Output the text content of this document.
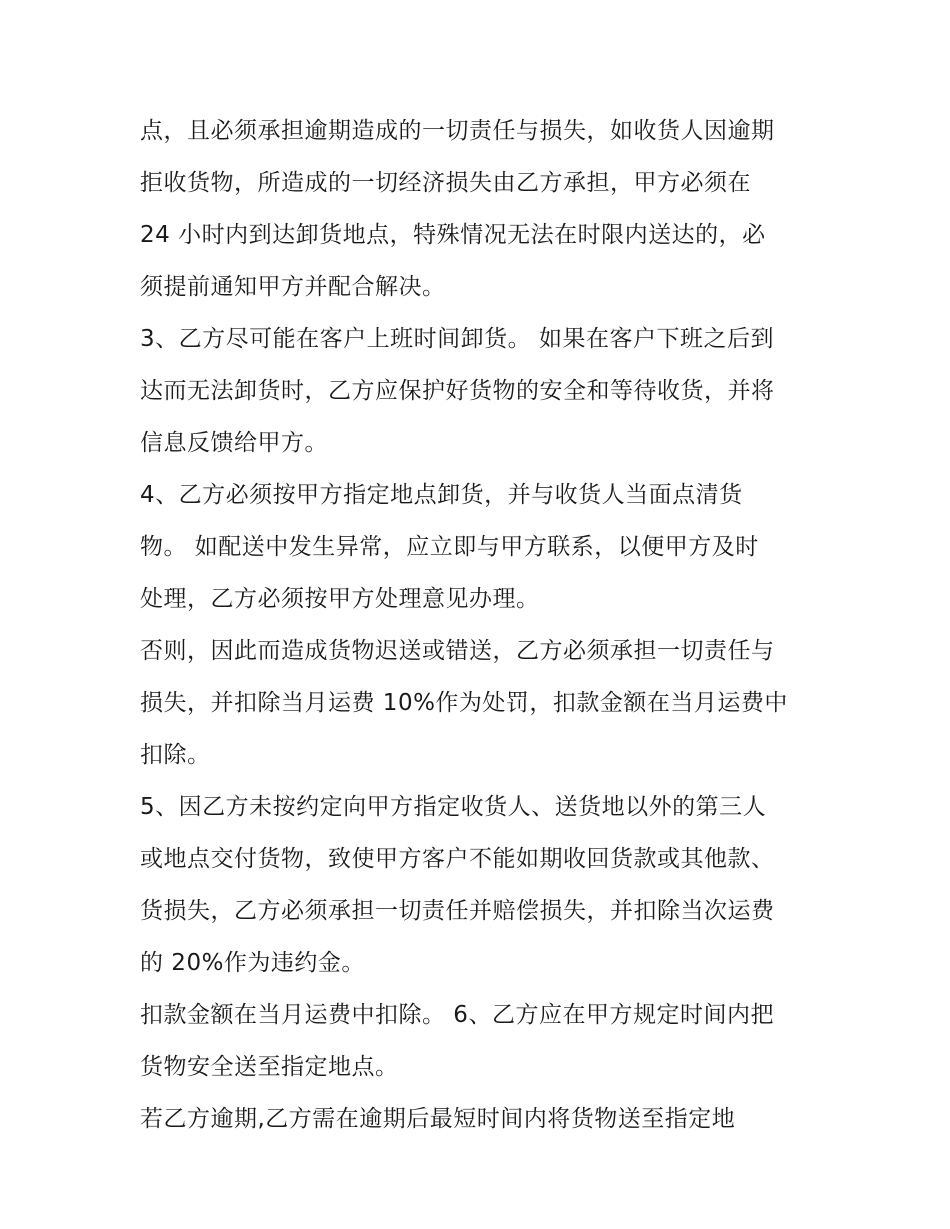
点，且必须承担逾期造成的一切责任与损失，如收货人因逾期
拒收货物，所造成的一切经济损失由乙方承担，甲方必须在
24 小时内到达卸货地点，特殊情况无法在时限内送达的，必
须提前通知甲方并配合解决。
3、乙方尽可能在客户上班时间卸货。 如果在客户下班之后到
达而无法卸货时，乙方应保护好货物的安全和等待收货，并将
信息反馈给甲方。
4、乙方必须按甲方指定地点卸货，并与收货人当面点清货
物。 如配送中发生异常，应立即与甲方联系，以便甲方及时
处理，乙方必须按甲方处理意见办理。
否则，因此而造成货物迟送或错送，乙方必须承担一切责任与
损失，并扣除当月运费 10%作为处罚，扣款金额在当月运费中
扣除。
5、因乙方未按约定向甲方指定收货人、送货地以外的第三人
或地点交付货物，致使甲方客户不能如期收回货款或其他款、
货损失，乙方必须承担一切责任并赔偿损失，并扣除当次运费
的 20%作为违约金。
扣款金额在当月运费中扣除。 6、乙方应在甲方规定时间内把
货物安全送至指定地点。
若乙方逾期,乙方需在逾期后最短时间内将货物送至指定地
